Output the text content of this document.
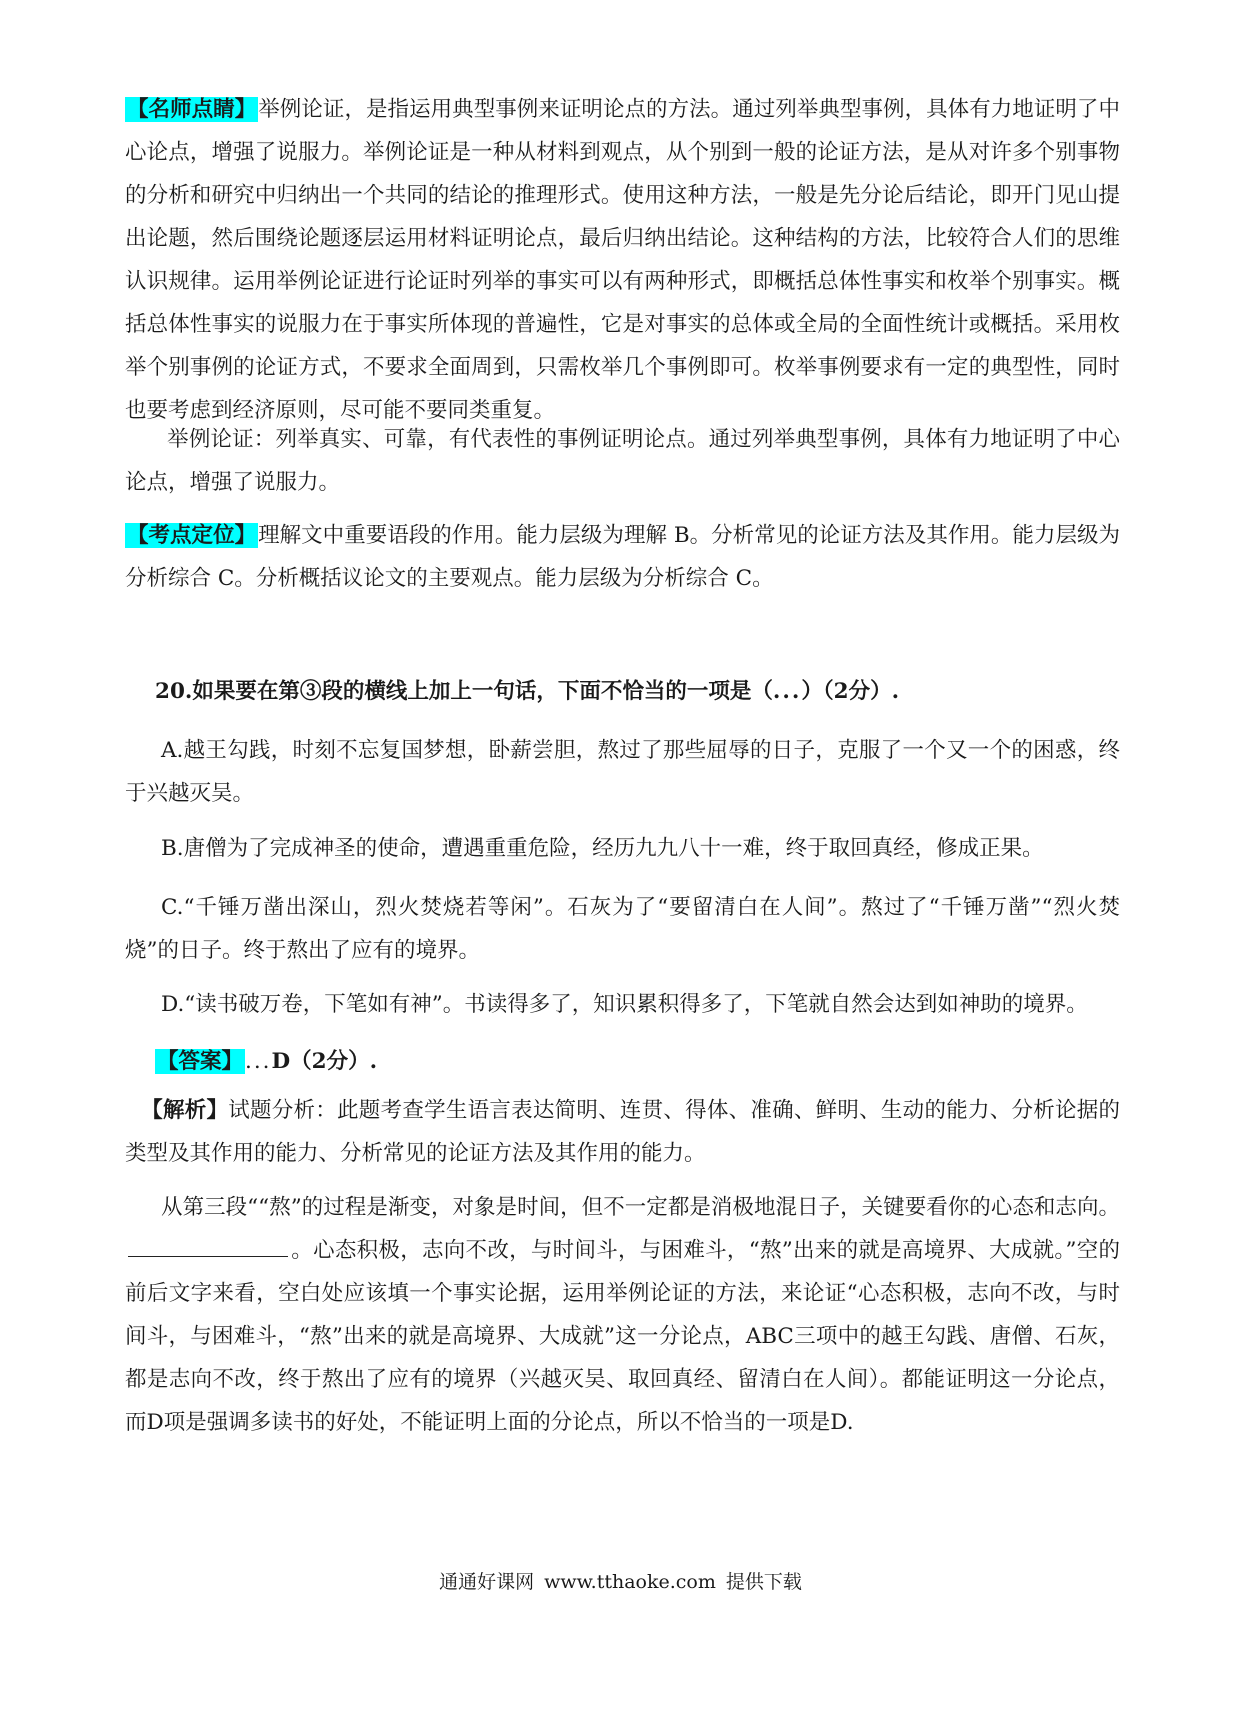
【名师点睛】举例论证，是指运用典型事例来证明论点的方法。通过列举典型事例，具体有力地证明了中心论点，增强了说服力。举例论证是一种从材料到观点，从个别到一般的论证方法，是从对许多个别事物的分析和研究中归纳出一个共同的结论的推理形式。使用这种方法，一般是先分论后结论，即开门见山提出论题，然后围绕论题逐层运用材料证明论点，最后归纳出结论。这种结构的方法，比较符合人们的思维认识规律。运用举例论证进行论证时列举的事实可以有两种形式，即概括总体性事实和枚举个别事实。概括总体性事实的说服力在于事实所体现的普遍性，它是对事实的总体或全局的全面性统计或概括。采用枚举个别事例的论证方式，不要求全面周到，只需枚举几个事例即可。枚举事例要求有一定的典型性，同时也要考虑到经济原则，尽可能不要同类重复。

举例论证：列举真实、可靠，有代表性的事例证明论点。通过列举典型事例，具体有力地证明了中心论点，增强了说服力。

【考点定位】理解文中重要语段的作用。能力层级为理解 B。分析常见的论证方法及其作用。能力层级为分析综合 C。分析概括议论文的主要观点。能力层级为分析综合 C。

20.如果要在第③段的横线上加上一句话，下面不恰当的一项是（...）（2分）.

A.越王勾践，时刻不忘复国梦想，卧薪尝胆，熬过了那些屈辱的日子，克服了一个又一个的困惑，终于兴越灭吴。

B.唐僧为了完成神圣的使命，遭遇重重危险，经历九九八十一难，终于取回真经，修成正果。

C.“千锤万凿出深山，烈火焚烧若等闲”。石灰为了“要留清白在人间”。熬过了“千锤万凿”“烈火焚烧”的日子。终于熬出了应有的境界。

D.“读书破万卷，下笔如有神”。书读得多了，知识累积得多了，下笔就自然会达到如神助的境界。

【答案】...D（2分）.

【解析】试题分析：此题考查学生语言表达简明、连贯、得体、准确、鲜明、生动的能力、分析论据的类型及其作用的能力、分析常见的论证方法及其作用的能力。

从第三段““熬”的过程是渐变，对象是时间，但不一定都是消极地混日子，关键要看你的心态和志向。。心态积极，志向不改，与时间斗，与困难斗，“熬”出来的就是高境界、大成就。”空的前后文字来看，空白处应该填一个事实论据，运用举例论证的方法，来论证“心态积极，志向不改，与时间斗，与困难斗，“熬”出来的就是高境界、大成就”这一分论点，ABC三项中的越王勾践、唐僧、石灰，都是志向不改，终于熬出了应有的境界（兴越灭吴、取回真经、留清白在人间）。都能证明这一分论点，而D项是强调多读书的好处，不能证明上面的分论点，所以不恰当的一项是D.

通通好课网 www.tthaoke.com 提供下载
